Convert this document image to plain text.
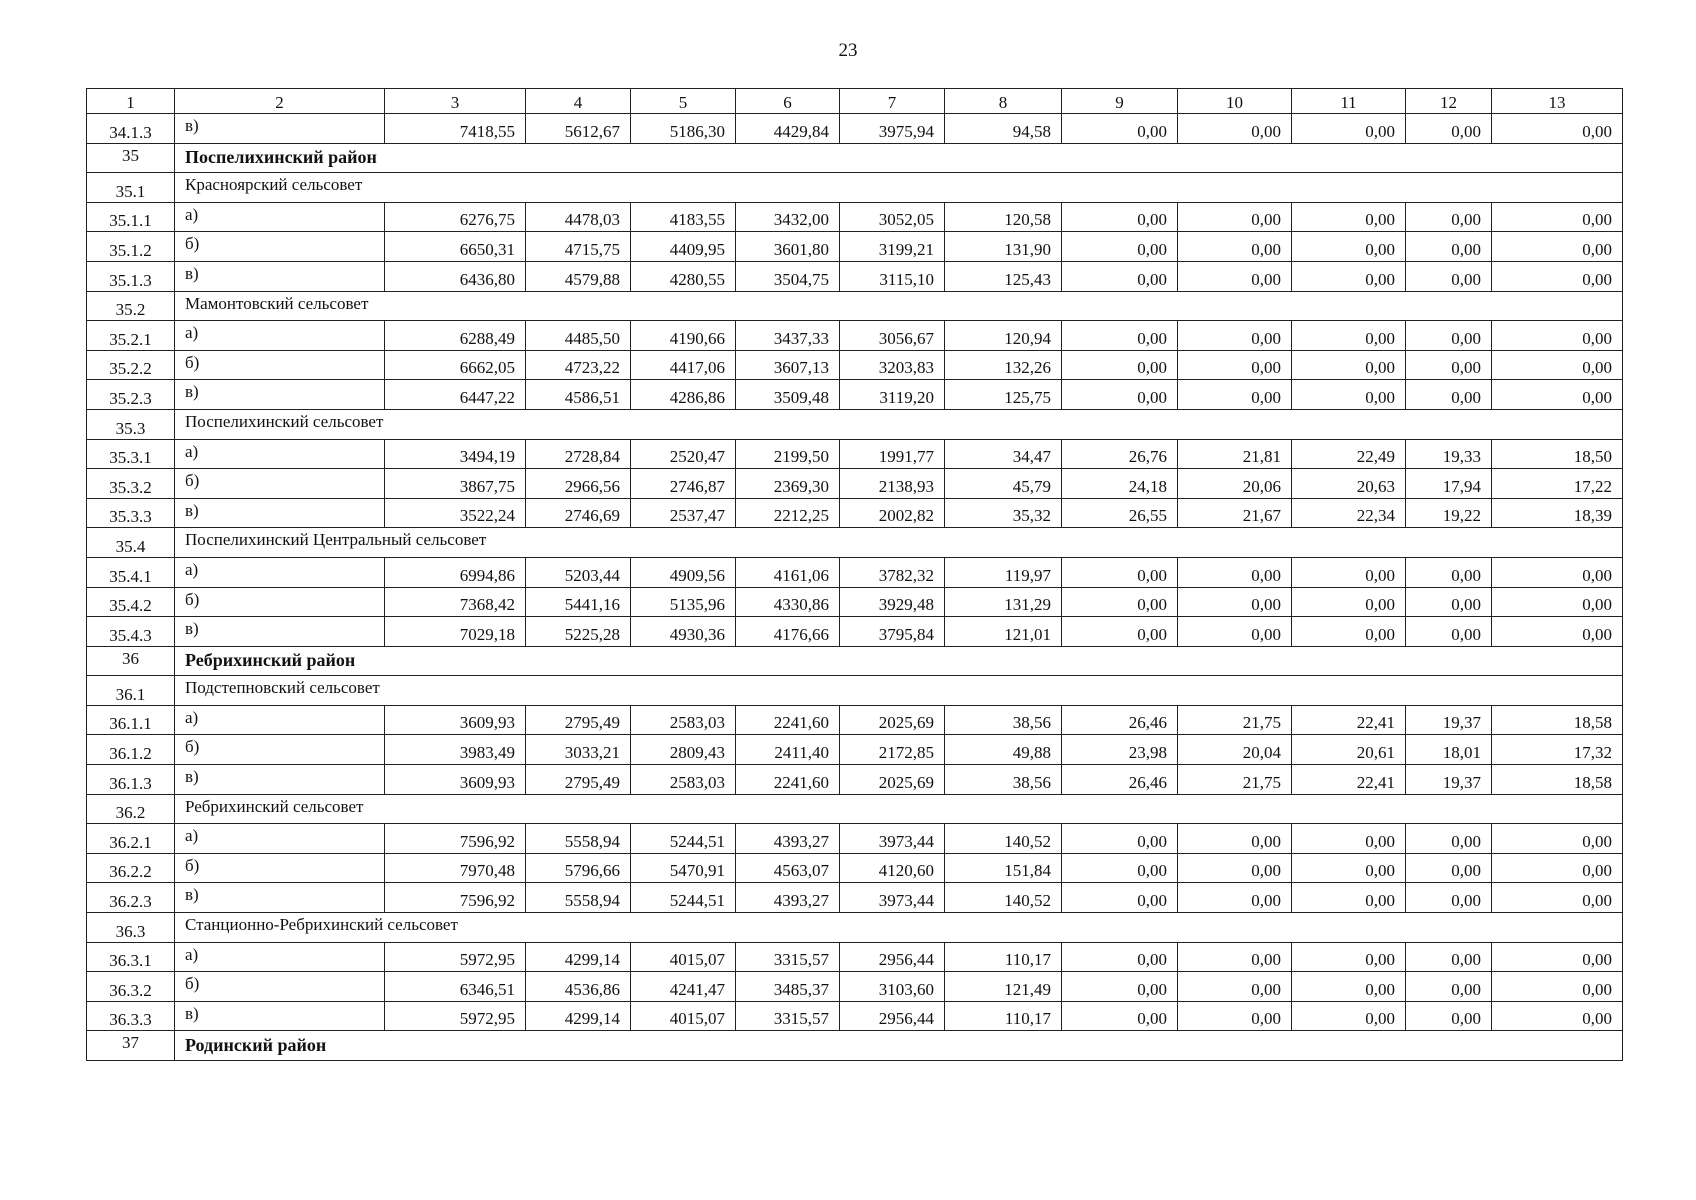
23
1	2	3	4	5	6	7	8	9	10	11	12	13
34.1.3	в)	7418,55	5612,67	5186,30	4429,84	3975,94	94,58	0,00	0,00	0,00	0,00	0,00
35	Поспелихинский район											
35.1	Красноярский сельсовет											
35.1.1	а)	6276,75	4478,03	4183,55	3432,00	3052,05	120,58	0,00	0,00	0,00	0,00	0,00
35.1.2	б)	6650,31	4715,75	4409,95	3601,80	3199,21	131,90	0,00	0,00	0,00	0,00	0,00
35.1.3	в)	6436,80	4579,88	4280,55	3504,75	3115,10	125,43	0,00	0,00	0,00	0,00	0,00
35.2	Мамонтовский сельсовет											
35.2.1	а)	6288,49	4485,50	4190,66	3437,33	3056,67	120,94	0,00	0,00	0,00	0,00	0,00
35.2.2	б)	6662,05	4723,22	4417,06	3607,13	3203,83	132,26	0,00	0,00	0,00	0,00	0,00
35.2.3	в)	6447,22	4586,51	4286,86	3509,48	3119,20	125,75	0,00	0,00	0,00	0,00	0,00
35.3	Поспелихинский сельсовет											
35.3.1	а)	3494,19	2728,84	2520,47	2199,50	1991,77	34,47	26,76	21,81	22,49	19,33	18,50
35.3.2	б)	3867,75	2966,56	2746,87	2369,30	2138,93	45,79	24,18	20,06	20,63	17,94	17,22
35.3.3	в)	3522,24	2746,69	2537,47	2212,25	2002,82	35,32	26,55	21,67	22,34	19,22	18,39
35.4	Поспелихинский Центральный сельсовет											
35.4.1	а)	6994,86	5203,44	4909,56	4161,06	3782,32	119,97	0,00	0,00	0,00	0,00	0,00
35.4.2	б)	7368,42	5441,16	5135,96	4330,86	3929,48	131,29	0,00	0,00	0,00	0,00	0,00
35.4.3	в)	7029,18	5225,28	4930,36	4176,66	3795,84	121,01	0,00	0,00	0,00	0,00	0,00
36	Ребрихинский район											
36.1	Подстепновский сельсовет											
36.1.1	а)	3609,93	2795,49	2583,03	2241,60	2025,69	38,56	26,46	21,75	22,41	19,37	18,58
36.1.2	б)	3983,49	3033,21	2809,43	2411,40	2172,85	49,88	23,98	20,04	20,61	18,01	17,32
36.1.3	в)	3609,93	2795,49	2583,03	2241,60	2025,69	38,56	26,46	21,75	22,41	19,37	18,58
36.2	Ребрихинский сельсовет											
36.2.1	а)	7596,92	5558,94	5244,51	4393,27	3973,44	140,52	0,00	0,00	0,00	0,00	0,00
36.2.2	б)	7970,48	5796,66	5470,91	4563,07	4120,60	151,84	0,00	0,00	0,00	0,00	0,00
36.2.3	в)	7596,92	5558,94	5244,51	4393,27	3973,44	140,52	0,00	0,00	0,00	0,00	0,00
36.3	Станционно-Ребрихинский сельсовет											
36.3.1	а)	5972,95	4299,14	4015,07	3315,57	2956,44	110,17	0,00	0,00	0,00	0,00	0,00
36.3.2	б)	6346,51	4536,86	4241,47	3485,37	3103,60	121,49	0,00	0,00	0,00	0,00	0,00
36.3.3	в)	5972,95	4299,14	4015,07	3315,57	2956,44	110,17	0,00	0,00	0,00	0,00	0,00
37	Родинский район											
